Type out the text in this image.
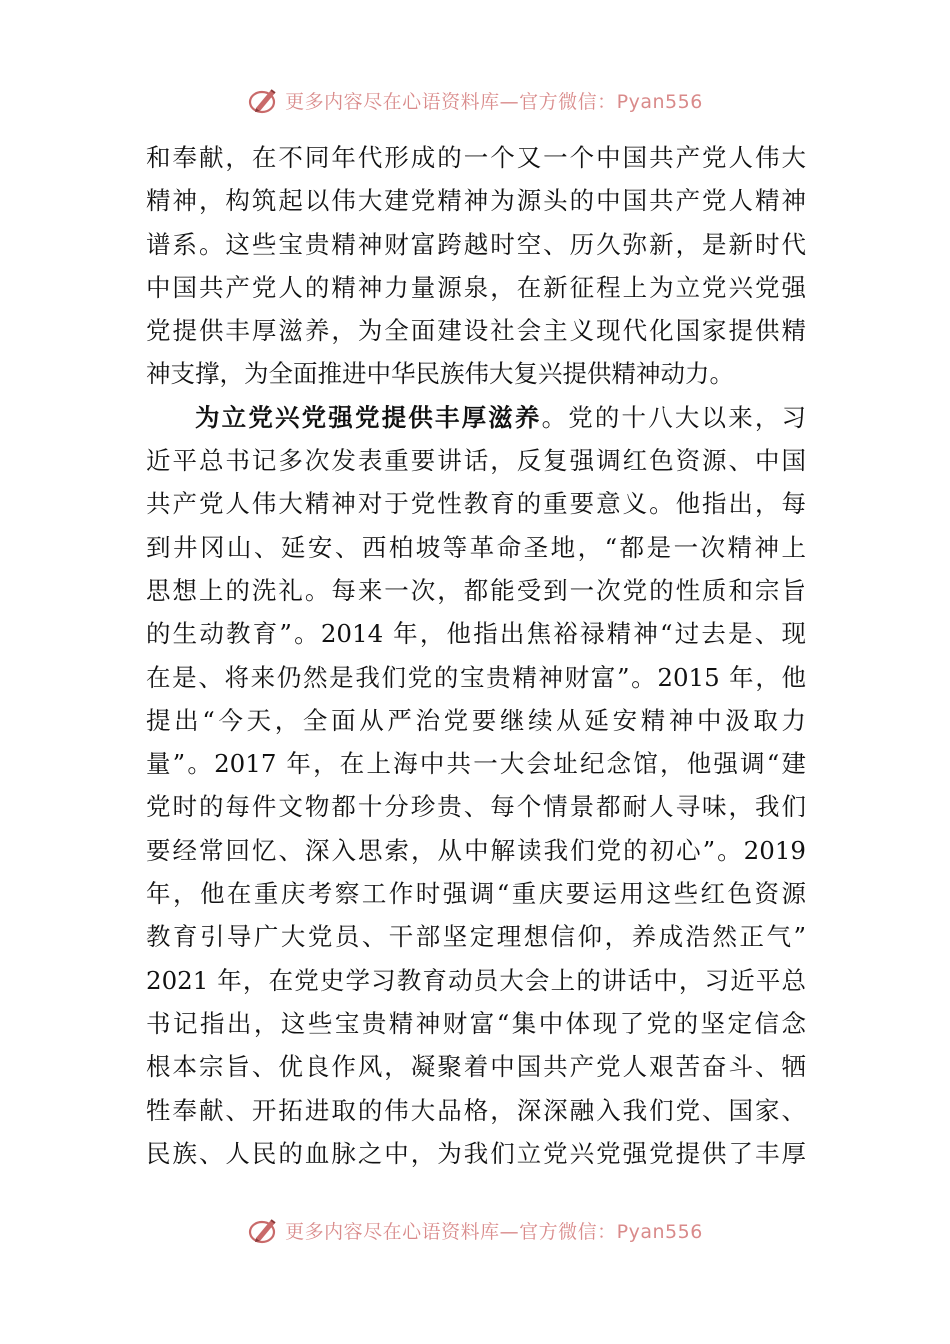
更多内容尽在心语资料库—官方微信：Pyan556
和奉献，在不同年代形成的一个又一个中国共产党人伟大
精神，构筑起以伟大建党精神为源头的中国共产党人精神
谱系。这些宝贵精神财富跨越时空、历久弥新，是新时代
中国共产党人的精神力量源泉，在新征程上为立党兴党强
党提供丰厚滋养，为全面建设社会主义现代化国家提供精
神支撑，为全面推进中华民族伟大复兴提供精神动力。
为立党兴党强党提供丰厚滋养。党的十八大以来，习
近平总书记多次发表重要讲话，反复强调红色资源、中国
共产党人伟大精神对于党性教育的重要意义。他指出，每
到井冈山、延安、西柏坡等革命圣地，“都是一次精神上
思想上的洗礼。每来一次，都能受到一次党的性质和宗旨
的生动教育”。2014 年，他指出焦裕禄精神“过去是、现
在是、将来仍然是我们党的宝贵精神财富”。2015 年，他
提出“今天，全面从严治党要继续从延安精神中汲取力
量”。2017 年，在上海中共一大会址纪念馆，他强调“建
党时的每件文物都十分珍贵、每个情景都耐人寻味，我们
要经常回忆、深入思索，从中解读我们党的初心”。2019
年，他在重庆考察工作时强调“重庆要运用这些红色资源
教育引导广大党员、干部坚定理想信仰，养成浩然正气”
2021 年，在党史学习教育动员大会上的讲话中，习近平总
书记指出，这些宝贵精神财富“集中体现了党的坚定信念
根本宗旨、优良作风，凝聚着中国共产党人艰苦奋斗、牺
牲奉献、开拓进取的伟大品格，深深融入我们党、国家、
民族、人民的血脉之中，为我们立党兴党强党提供了丰厚
更多内容尽在心语资料库—官方微信：Pyan556
